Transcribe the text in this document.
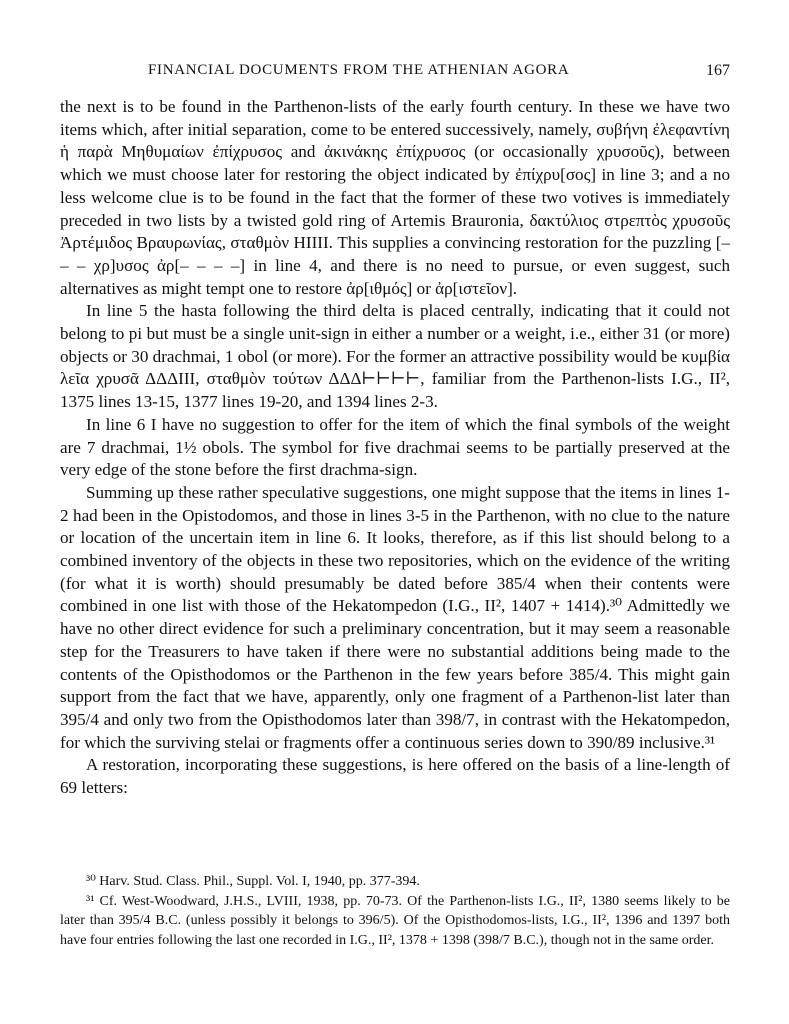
FINANCIAL DOCUMENTS FROM THE ATHENIAN AGORA	167

the next is to be found in the Parthenon-lists of the early fourth century. In these we have two items which, after initial separation, come to be entered successively, namely, συβήνη ἐλεφαντίνη ἡ παρὰ Μηθυμαίων ἐπίχρυσος and ἀκινάκης ἐπίχρυσος (or occasionally χρυσοῦς), between which we must choose later for restoring the object indicated by ἐπίχρυ[σος] in line 3; and a no less welcome clue is to be found in the fact that the former of these two votives is immediately preceded in two lists by a twisted gold ring of Artemis Brauronia, δακτύλιος στρεπτὸς χρυσοῦς Ἀρτέμιδος Βραυρωνίας, σταθμὸν ΗΙΙΙΙ. This supplies a convincing restoration for the puzzling [– – – χρ]υσος ἀρ[– – – –] in line 4, and there is no need to pursue, or even suggest, such alternatives as might tempt one to restore ἀρ[ιθμός] or ἀρ[ιστεῖον].

In line 5 the hasta following the third delta is placed centrally, indicating that it could not belong to pi but must be a single unit-sign in either a number or a weight, i.e., either 31 (or more) objects or 30 drachmai, 1 obol (or more). For the former an attractive possibility would be κυμβία λεῖα χρυσᾶ ΔΔΔΙΙΙ, σταθμὸν τούτων ΔΔΔ⊢⊢⊢⊢, familiar from the Parthenon-lists I.G., II², 1375 lines 13-15, 1377 lines 19-20, and 1394 lines 2-3.

In line 6 I have no suggestion to offer for the item of which the final symbols of the weight are 7 drachmai, 1½ obols. The symbol for five drachmai seems to be partially preserved at the very edge of the stone before the first drachma-sign.

Summing up these rather speculative suggestions, one might suppose that the items in lines 1-2 had been in the Opistodomos, and those in lines 3-5 in the Parthenon, with no clue to the nature or location of the uncertain item in line 6. It looks, therefore, as if this list should belong to a combined inventory of the objects in these two repositories, which on the evidence of the writing (for what it is worth) should presumably be dated before 385/4 when their contents were combined in one list with those of the Hekatompedon (I.G., II², 1407 + 1414).³⁰ Admittedly we have no other direct evidence for such a preliminary concentration, but it may seem a reasonable step for the Treasurers to have taken if there were no substantial additions being made to the contents of the Opisthodomos or the Parthenon in the few years before 385/4. This might gain support from the fact that we have, apparently, only one fragment of a Parthenon-list later than 395/4 and only two from the Opisthodomos later than 398/7, in contrast with the Hekatompedon, for which the surviving stelai or fragments offer a continuous series down to 390/89 inclusive.³¹

A restoration, incorporating these suggestions, is here offered on the basis of a line-length of 69 letters:

³⁰ Harv. Stud. Class. Phil., Suppl. Vol. I, 1940, pp. 377-394.

³¹ Cf. West-Woodward, J.H.S., LVIII, 1938, pp. 70-73. Of the Parthenon-lists I.G., II², 1380 seems likely to be later than 395/4 B.C. (unless possibly it belongs to 396/5). Of the Opisthodomos-lists, I.G., II², 1396 and 1397 both have four entries following the last one recorded in I.G., II², 1378 + 1398 (398/7 B.C.), though not in the same order.
